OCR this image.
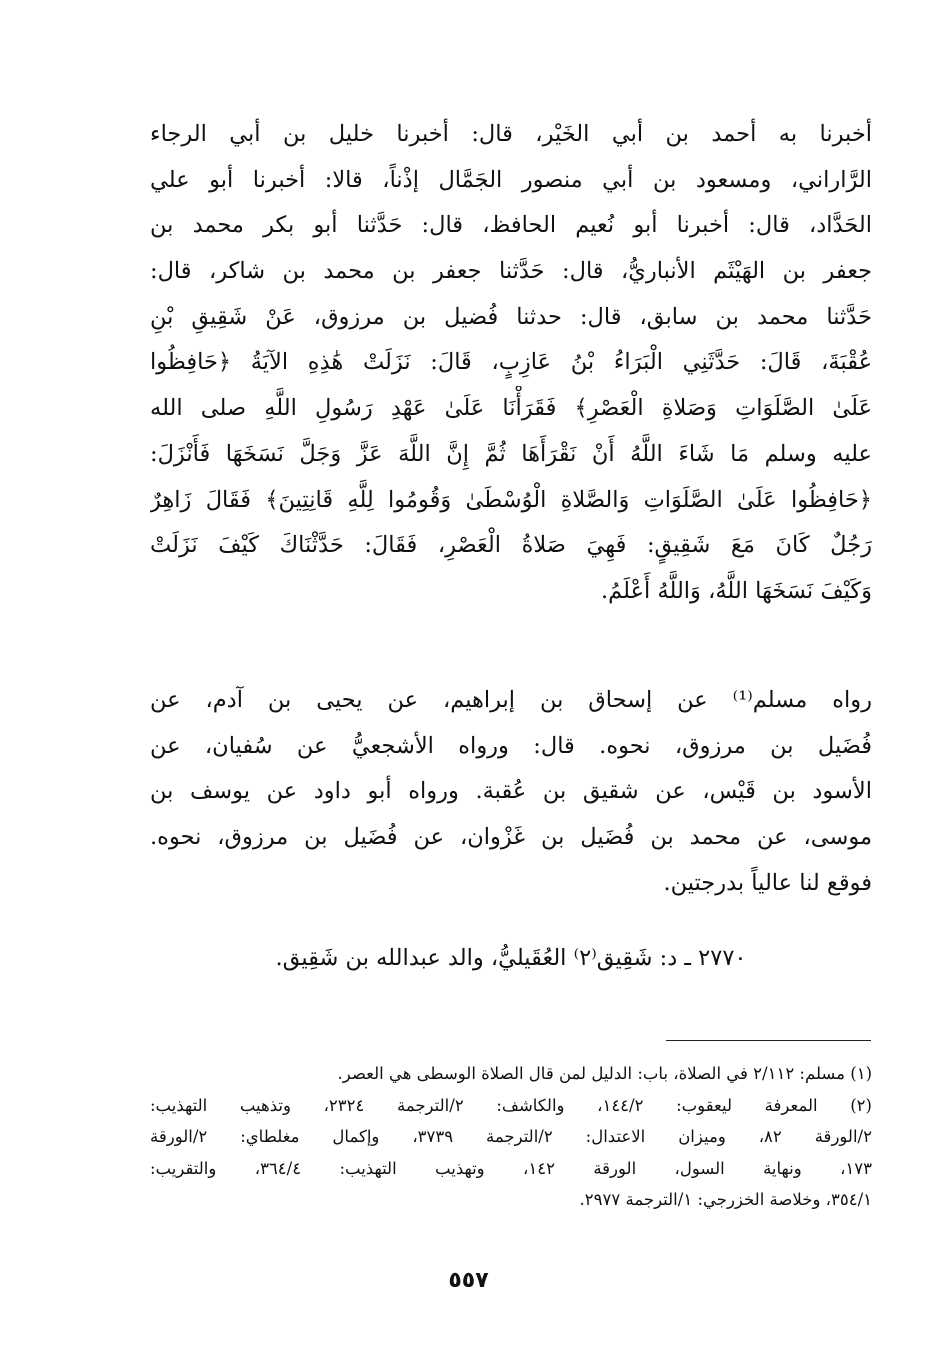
أخبرنا به أحمد بن أبي الخَيْر، قال: أخبرنا خليل بن أبي الرجاء
الرَّاراني، ومسعود بن أبي منصور الجَمَّال إذْناً، قالا: أخبرنا أبو علي
الحَدَّاد، قال: أخبرنا أبو نُعيم الحافظ، قال: حَدَّثنا أبو بكر محمد بن
جعفر بن الهَيْثَم الأنباريُّ، قال: حَدَّثنا جعفر بن محمد بن شاكر، قال:
حَدَّثنا محمد بن سابق، قال: حدثنا فُضيل بن مرزوق، عَنْ شَقِيقِ بْنِ
عُقْبَةَ، قَالَ: حَدَّثَنِي الْبَرَاءُ بْنُ عَازِبٍ، قَالَ: نَزَلَتْ هَٰذِهِ الآيَةُ ﴿حَافِظُوا
عَلَىٰ الصَّلَوَاتِ وَصَلاةِ الْعَصْرِ﴾ فَقَرَأْنَا عَلَىٰ عَهْدِ رَسُولِ اللَّهِ صلى الله
عليه وسلم مَا شَاءَ اللَّهُ أَنْ نَقْرَأَهَا ثُمَّ إِنَّ اللَّهَ عَزَّ وَجَلَّ نَسَخَهَا فَأَنْزَلَ:
﴿حَافِظُوا عَلَىٰ الصَّلَوَاتِ وَالصَّلاةِ الْوُسْطَىٰ وَقُومُوا لِلَّهِ قَانِتِينَ﴾ فَقَالَ زَاهِرٌ
رَجُلٌ كَانَ مَعَ شَقِيقٍ: فَهِيَ صَلاةُ الْعَصْرِ، فَقَالَ: حَدَّثْنَاكَ كَيْفَ نَزَلَتْ
وَكَيْفَ نَسَخَهَا اللَّهُ، وَاللَّهُ أَعْلَمُ.
رواه مسلم⁽¹⁾ عن إسحاق بن إبراهيم، عن يحيى بن آدم، عن
فُضَيل بن مرزوق، نحوه. قال: ورواه الأشجعيُّ عن سُفيان، عن
الأسود بن قَيْس، عن شقيق بن عُقبة. ورواه أبو داود عن يوسف بن
موسى، عن محمد بن فُضَيل بن غَزْوان، عن فُضَيل بن مرزوق، نحوه.
فوقع لنا عالياً بدرجتين.
٢٧٧٠ ـ د: شَقِيق⁽٢⁾ العُقَيليُّ، والد عبدالله بن شَقِيق.
(١) مسلم: ٢/١١٢ في الصلاة، باب: الدليل لمن قال الصلاة الوسطى هي العصر.
(٢) المعرفة ليعقوب: ١٤٤/٢، والكاشف: ٢/الترجمة ٢٣٢٤، وتذهيب التهذيب:
٢/الورقة ٨٢، وميزان الاعتدال: ٢/الترجمة ٣٧٣٩، وإكمال مغلطاي: ٢/الورقة
١٧٣، ونهاية السول، الورقة ١٤٢، وتهذيب التهذيب: ٣٦٤/٤، والتقريب:
٣٥٤/١، وخلاصة الخزرجي: ١/الترجمة ٢٩٧٧.
٥٥٧
